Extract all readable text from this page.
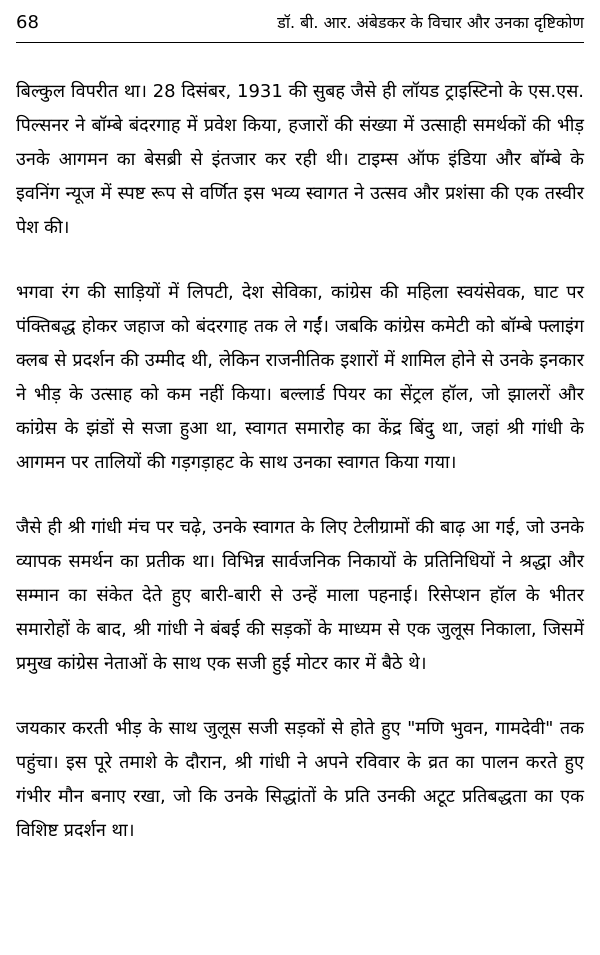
68	डॉ. बी. आर. अंबेडकर के विचार और उनका दृष्टिकोण

बिल्कुल विपरीत था। 28 दिसंबर, 1931 की सुबह जैसे ही लॉयड ट्राइस्टिनो के एस.एस. पिल्सनर ने बॉम्बे बंदरगाह में प्रवेश किया, हजारों की संख्या में उत्साही समर्थकों की भीड़ उनके आगमन का बेसब्री से इंतजार कर रही थी। टाइम्स ऑफ इंडिया और बॉम्बे के इवनिंग न्यूज में स्पष्ट रूप से वर्णित इस भव्य स्वागत ने उत्सव और प्रशंसा की एक तस्वीर पेश की।

भगवा रंग की साड़ियों में लिपटी, देश सेविका, कांग्रेस की महिला स्वयंसेवक, घाट पर पंक्तिबद्ध होकर जहाज को बंदरगाह तक ले गईं। जबकि कांग्रेस कमेटी को बॉम्बे फ्लाइंग क्लब से प्रदर्शन की उम्मीद थी, लेकिन राजनीतिक इशारों में शामिल होने से उनके इनकार ने भीड़ के उत्साह को कम नहीं किया। बल्लार्ड पियर का सेंट्रल हॉल, जो झालरों और कांग्रेस के झंडों से सजा हुआ था, स्वागत समारोह का केंद्र बिंदु था, जहां श्री गांधी के आगमन पर तालियों की गड़गड़ाहट के साथ उनका स्वागत किया गया।

जैसे ही श्री गांधी मंच पर चढ़े, उनके स्वागत के लिए टेलीग्रामों की बाढ़ आ गई, जो उनके व्यापक समर्थन का प्रतीक था। विभिन्न सार्वजनिक निकायों के प्रतिनिधियों ने श्रद्धा और सम्मान का संकेत देते हुए बारी-बारी से उन्हें माला पहनाई। रिसेप्शन हॉल के भीतर समारोहों के बाद, श्री गांधी ने बंबई की सड़कों के माध्यम से एक जुलूस निकाला, जिसमें प्रमुख कांग्रेस नेताओं के साथ एक सजी हुई मोटर कार में बैठे थे।

जयकार करती भीड़ के साथ जुलूस सजी सड़कों से होते हुए "मणि भुवन, गामदेवी" तक पहुंचा। इस पूरे तमाशे के दौरान, श्री गांधी ने अपने रविवार के व्रत का पालन करते हुए गंभीर मौन बनाए रखा, जो कि उनके सिद्धांतों के प्रति उनकी अटूट प्रतिबद्धता का एक विशिष्ट प्रदर्शन था।
